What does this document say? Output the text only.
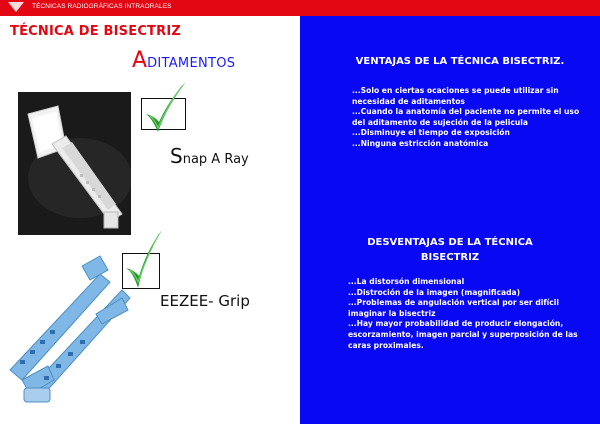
TÉCNICAS RADIOGRÁFICAS INTRAORALES
TÉCNICA DE BISECTRIZ
ADITAMENTOS
Snap A Ray
EEZEE- Grip
VENTAJAS DE LA TÉCNICA BISECTRIZ.
...Solo en ciertas ocaciones se puede utilizar sin necesidad de aditamentos
...Cuando la anatomía del paciente no permite el uso del aditamento de sujeción de la pelicula
...Disminuye el tiempo de exposición
...Ninguna estricción anatómica
DESVENTAJAS DE LA TÉCNICA BISECTRIZ
...La distorsón dimensional
...Distroción de la imagen (magnificada)
...Problemas de angulación vertical por ser difícil imaginar la bisectriz
...Hay mayor probabilidad de producir elongación, escorzamiento, imagen parcial y superposición de las caras proximales.
